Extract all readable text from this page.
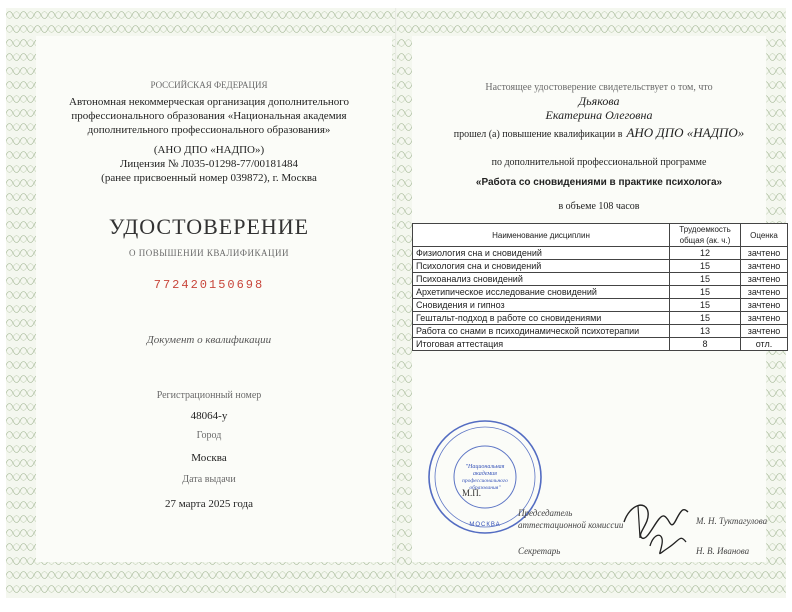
РОССИЙСКАЯ ФЕДЕРАЦИЯ
Автономная некоммерческая организация дополнительного
профессионального образования «Национальная академия
дополнительного профессионального образования»
(АНО ДПО «НАДПО»)
Лицензия № Л035-01298-77/00181484
(ранее присвоенный номер 039872), г. Москва
УДОСТОВЕРЕНИЕ
О ПОВЫШЕНИИ КВАЛИФИКАЦИИ
772420150698
Документ о квалификации
Регистрационный номер
48064-у
Город
Москва
Дата выдачи
27 марта 2025 года
Настоящее удостоверение свидетельствует о том, что
Дьякова
Екатерина Олеговна
прошел (а) повышение квалификации в АНО ДПО «НАДПО»
по дополнительной профессиональной программе
«Работа со сновидениями в практике психолога»
в объеме 108 часов
Наименование дисциплин	Трудоемкость общая (ак. ч.)	Оценка
Физиология сна и сновидений	12	зачтено
Психология сна и сновидений	15	зачтено
Психоанализ сновидений	15	зачтено
Архетипическое исследование сновидений	15	зачтено
Сновидения и гипноз	15	зачтено
Гештальт-подход в работе со сновидениями	15	зачтено
Работа со снами в психодинамической психотерапии	13	зачтено
Итоговая аттестация	8	отл.
"Национальная
академия
профессионального
образования"
МОСКВА
М.П.
Председатель
аттестационной комиссии	М. Н. Туктагулова
Секретарь	Н. В. Иванова
